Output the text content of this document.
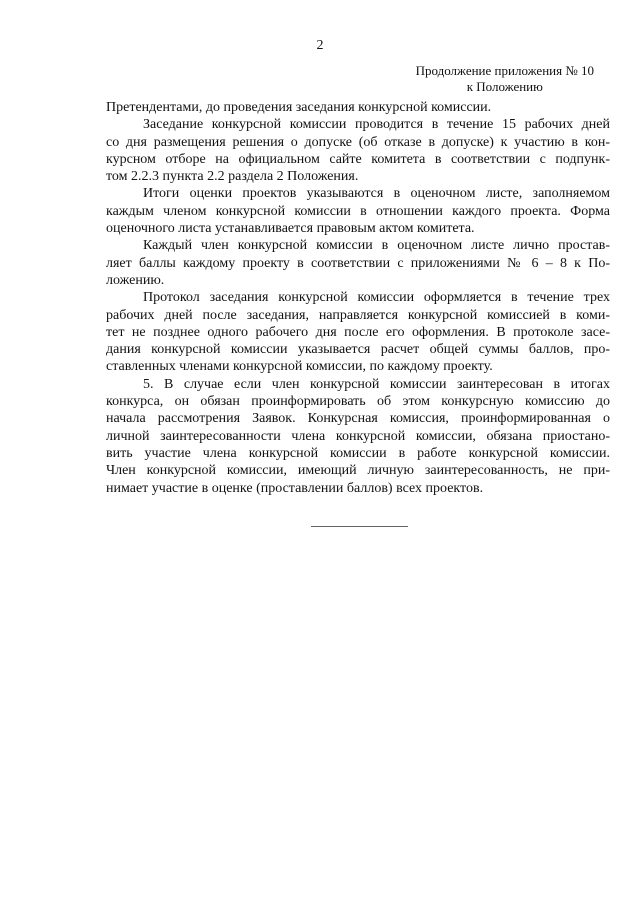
2
Продолжение приложения № 10
к Положению
Претендентами, до проведения заседания конкурсной комиссии.
Заседание конкурсной комиссии проводится в течение 15 рабочих дней
со дня размещения решения о допуске (об отказе в допуске) к участию в кон-
курсном отборе на официальном сайте комитета в соответствии с подпунк-
том 2.2.3 пункта 2.2 раздела 2 Положения.
Итоги оценки проектов указываются в оценочном листе, заполняемом
каждым членом конкурсной комиссии в отношении каждого проекта. Форма
оценочного листа устанавливается правовым актом комитета.
Каждый член конкурсной комиссии в оценочном листе лично простав-
ляет баллы каждому проекту в соответствии с приложениями № 6 – 8 к По-
ложению.
Протокол заседания конкурсной комиссии оформляется в течение трех
рабочих дней после заседания, направляется конкурсной комиссией в коми-
тет не позднее одного рабочего дня после его оформления. В протоколе засе-
дания конкурсной комиссии указывается расчет общей суммы баллов, про-
ставленных членами конкурсной комиссии, по каждому проекту.
5. В случае если член конкурсной комиссии заинтересован в итогах
конкурса, он обязан проинформировать об этом конкурсную комиссию до
начала рассмотрения Заявок. Конкурсная комиссия, проинформированная о
личной заинтересованности члена конкурсной комиссии, обязана приостано-
вить участие члена конкурсной комиссии в работе конкурсной комиссии.
Член конкурсной комиссии, имеющий личную заинтересованность, не при-
нимает участие в оценке (проставлении баллов) всех проектов.
